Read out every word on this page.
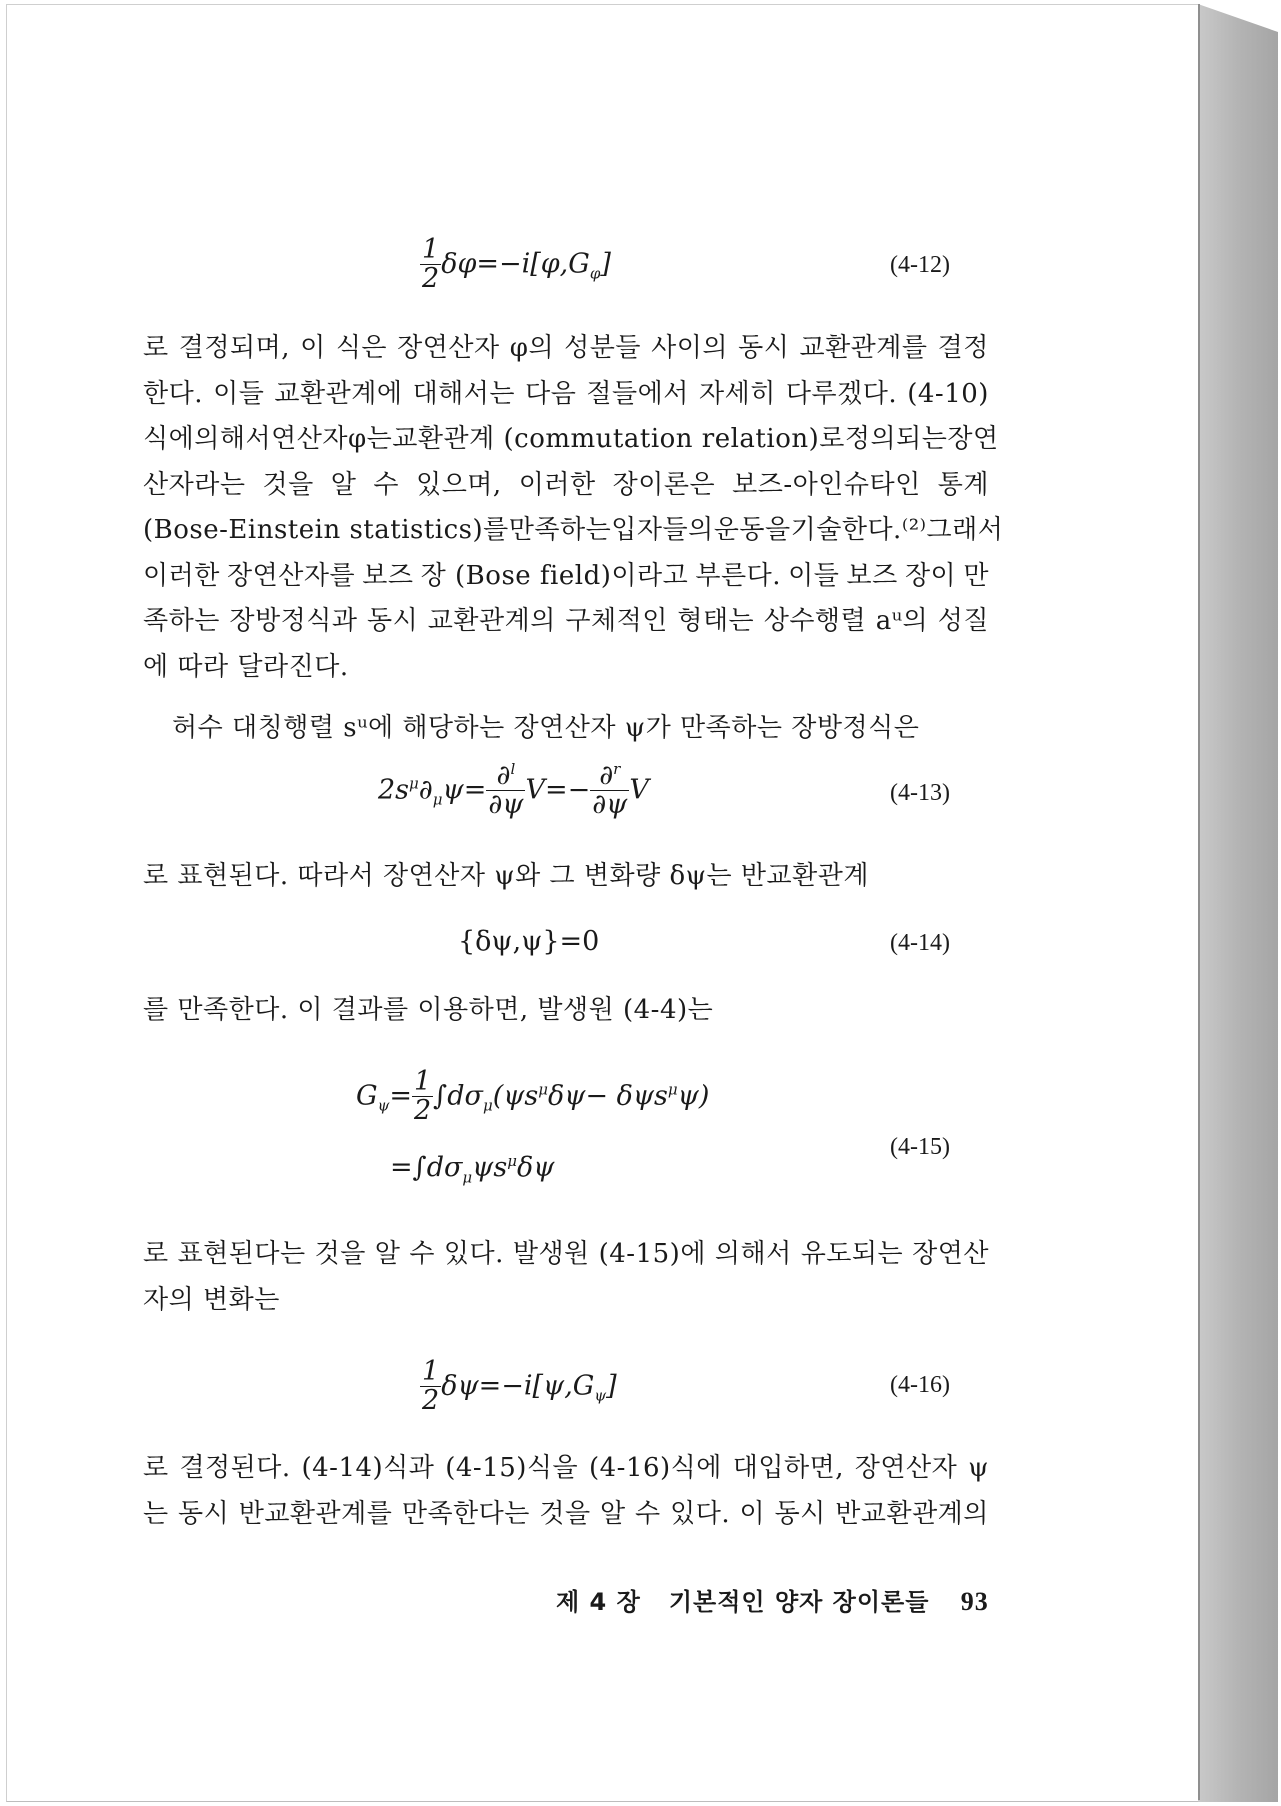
$\frac{1}{2} \delta\varphi=-i[\varphi,G_\varphi]$	(4-12)
로 결정되며, 이 식은 장연산자 φ의 성분들 사이의 동시 교환관계를 결정
한다. 이들 교환관계에 대해서는 다음 절들에서 자세히 다루겠다. (4-10)
식에 의해서 연산자 φ는 교환관계 (commutation relation)로 정의되는 장연
산자라는 것을 알 수 있으며, 이러한 장이론은 보즈-아인슈타인 통계
(Bose-Einstein statistics)를 만족하는 입자들의 운동을 기술한다.⁽²⁾ 그래서
이러한 장연산자를 보즈 장 (Bose field)이라고 부른다. 이들 보즈 장이 만
족하는 장방정식과 동시 교환관계의 구체적인 형태는 상수행렬 aᵘ의 성질
에 따라 달라진다.
허수 대칭행렬 sᵘ에 해당하는 장연산자 ψ가 만족하는 장방정식은
$2s^\mu\partial_\mu\psi= \frac{\partial^l}{\partial\psi} V=- \frac{\partial^r}{\partial\psi}$ V	(4-13)
로 표현된다. 따라서 장연산자 ψ와 그 변화량 δψ는 반교환관계
{δψ,ψ}=0	(4-14)
를 만족한다. 이 결과를 이용하면, 발생원 (4-4)는
$G_\psi= \frac{1}{2} \int d\sigma_\mu(\psi s^\mu\delta\psi- \delta\psi s^\mu\psi)$
$=\int d\sigma_\mu\psi s^\mu\delta\psi$
(4-15)
로 표현된다는 것을 알 수 있다. 발생원 (4-15)에 의해서 유도되는 장연산
자의 변화는
$\frac{1}{2} \delta\psi=-i[\psi,G_\psi]$	(4-16)
로 결정된다. (4-14)식과 (4-15)식을 (4-16)식에 대입하면, 장연산자 ψ
는 동시 반교환관계를 만족한다는 것을 알 수 있다. 이 동시 반교환관계의
제 4 장 기본적인 양자 장이론들 93
